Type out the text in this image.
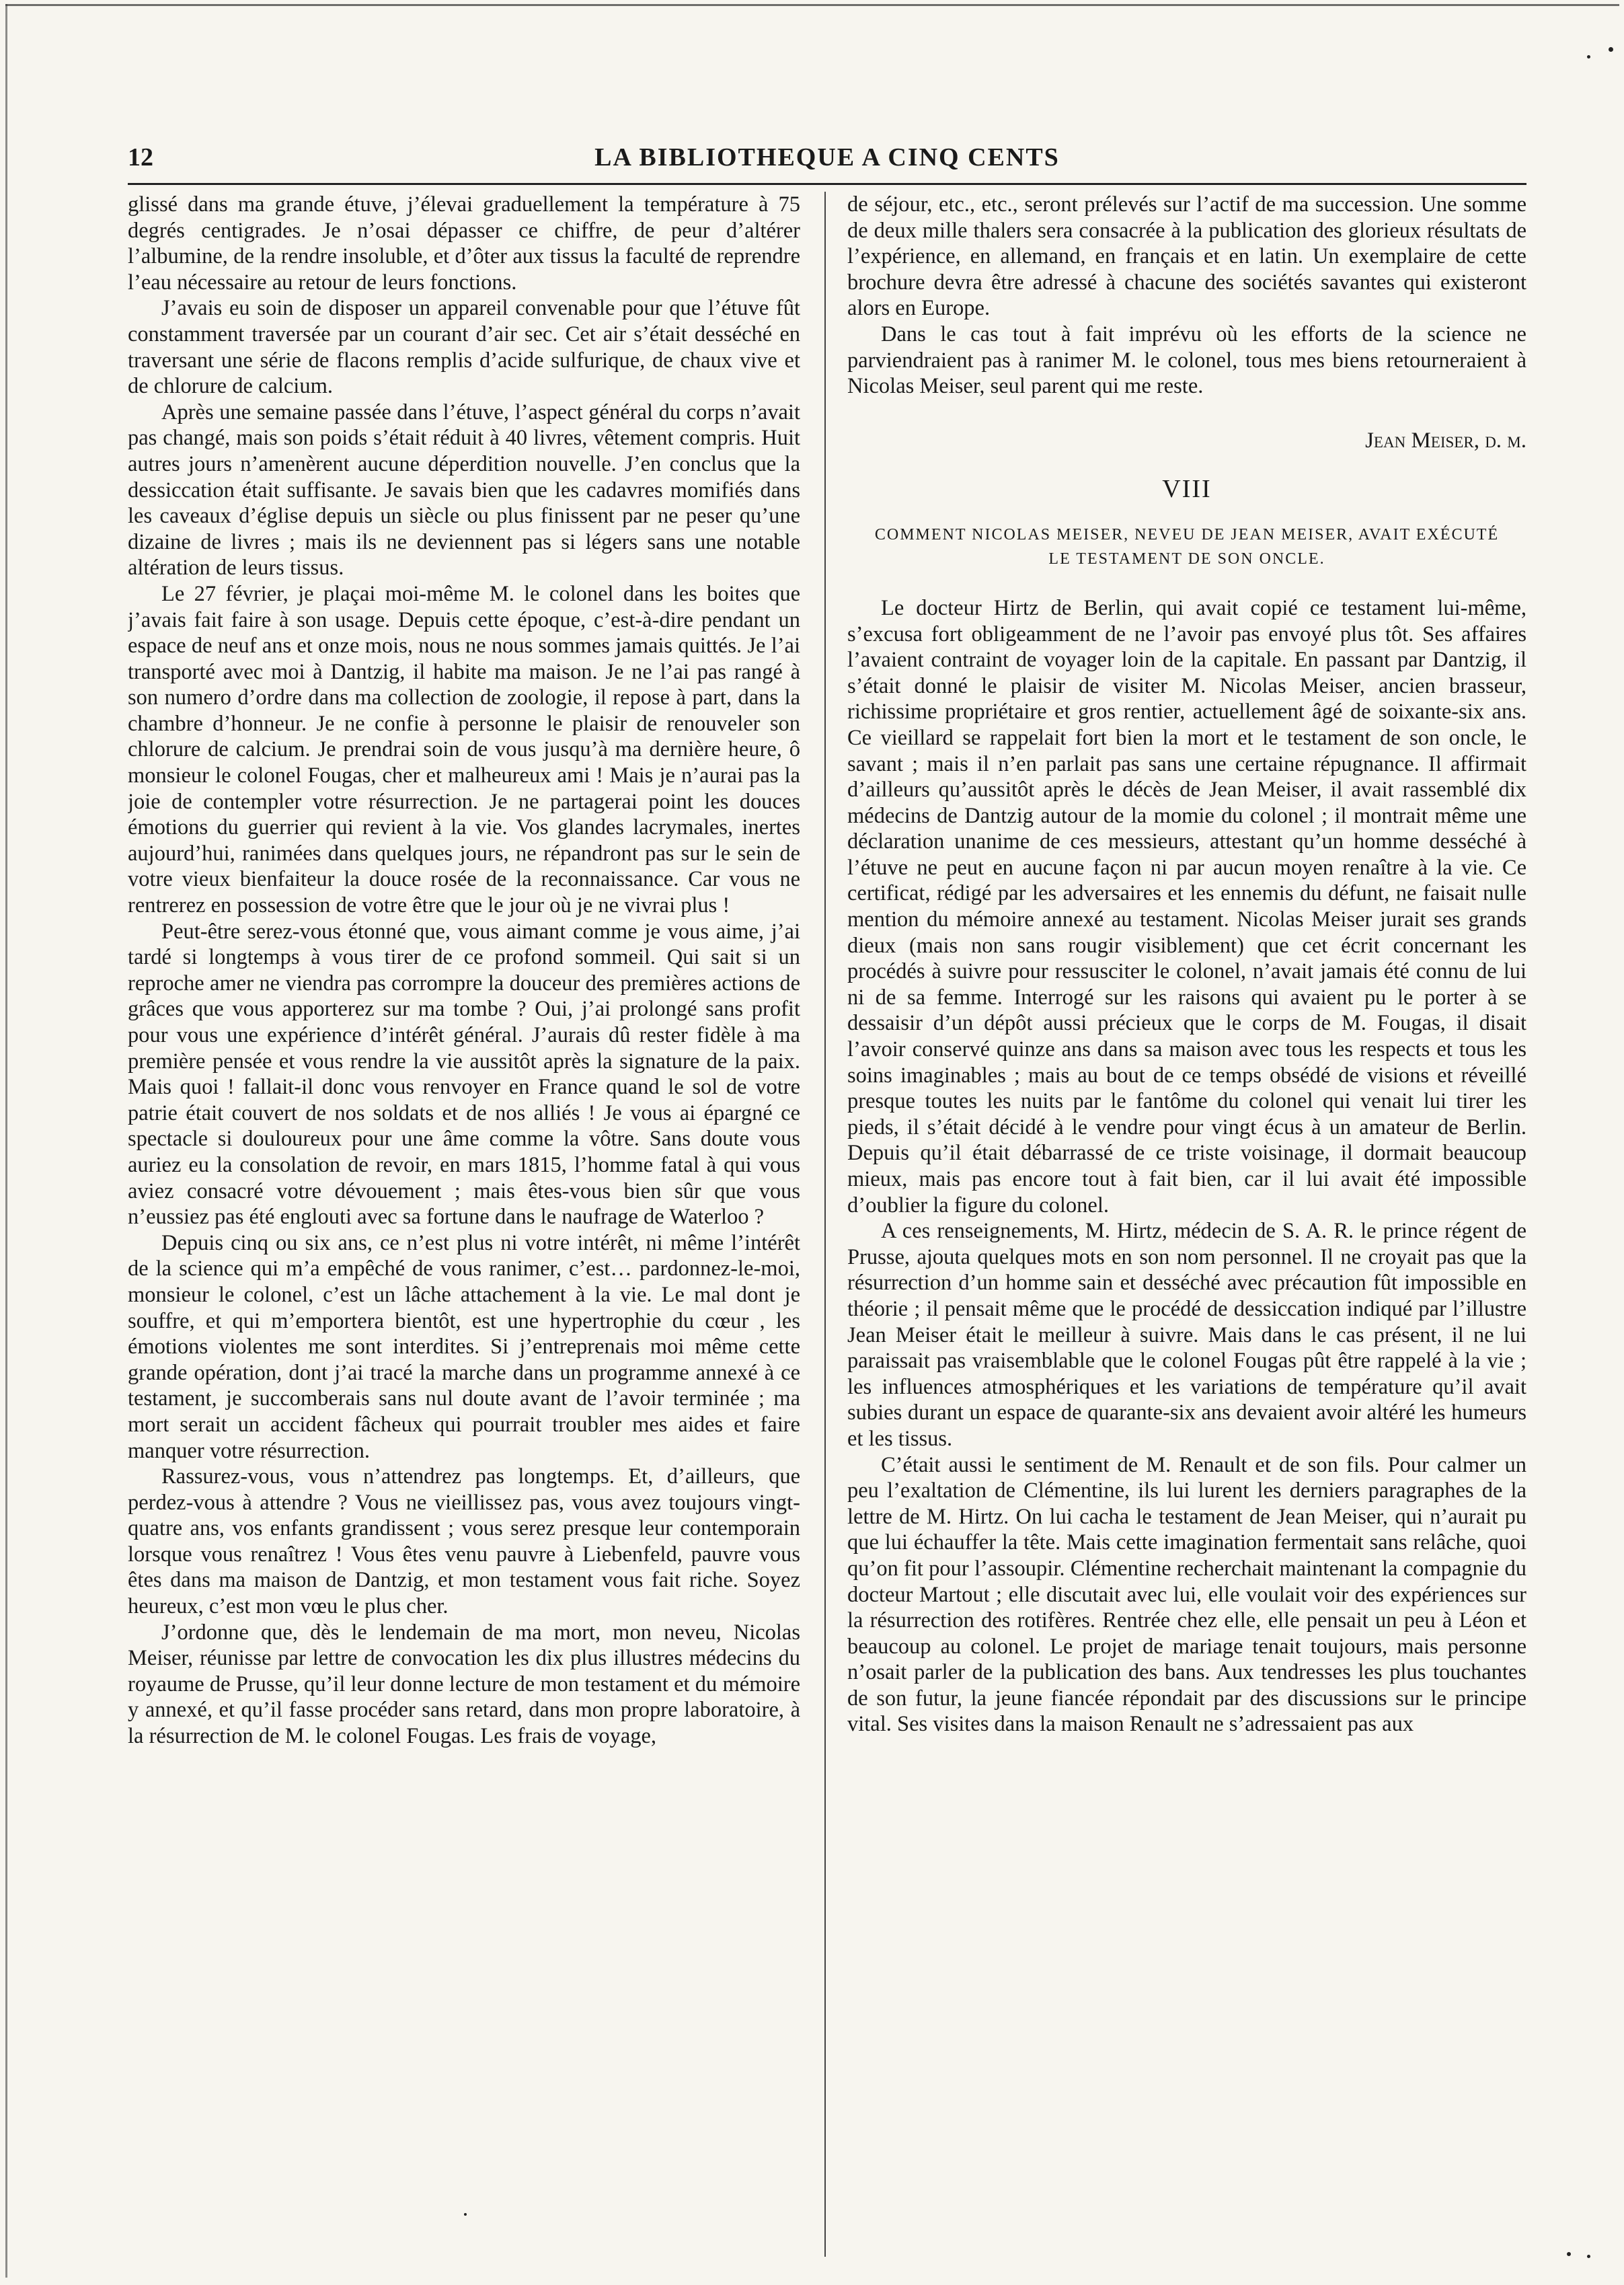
12	LA BIBLIOTHEQUE A CINQ CENTS

glissé dans ma grande étuve, j’élevai graduellement la température à 75 degrés centigrades. Je n’osai dépasser ce chiffre, de peur d’altérer l’albumine, de la rendre insoluble, et d’ôter aux tissus la faculté de reprendre l’eau nécessaire au retour de leurs fonctions.

J’avais eu soin de disposer un appareil convenable pour que l’étuve fût constamment traversée par un courant d’air sec. Cet air s’était desséché en traversant une série de flacons remplis d’acide sulfurique, de chaux vive et de chlorure de calcium.

Après une semaine passée dans l’étuve, l’aspect général du corps n’avait pas changé, mais son poids s’était réduit à 40 livres, vêtement compris. Huit autres jours n’amenèrent aucune déperdition nouvelle. J’en conclus que la dessiccation était suffisante. Je savais bien que les cadavres momifiés dans les caveaux d’église depuis un siècle ou plus finissent par ne peser qu’une dizaine de livres ; mais ils ne deviennent pas si légers sans une notable altération de leurs tissus.

Le 27 février, je plaçai moi-même M. le colonel dans les boites que j’avais fait faire à son usage. Depuis cette époque, c’est-à-dire pendant un espace de neuf ans et onze mois, nous ne nous sommes jamais quittés. Je l’ai transporté avec moi à Dantzig, il habite ma maison. Je ne l’ai pas rangé à son numero d’ordre dans ma collection de zoologie, il repose à part, dans la chambre d’honneur. Je ne confie à personne le plaisir de renouveler son chlorure de calcium. Je prendrai soin de vous jusqu’à ma dernière heure, ô monsieur le colonel Fougas, cher et malheureux ami ! Mais je n’aurai pas la joie de contempler votre résurrection. Je ne partagerai point les douces émotions du guerrier qui revient à la vie. Vos glandes lacrymales, inertes aujourd’hui, ranimées dans quelques jours, ne répandront pas sur le sein de votre vieux bienfaiteur la douce rosée de la reconnaissance. Car vous ne rentrerez en possession de votre être que le jour où je ne vivrai plus !

Peut-être serez-vous étonné que, vous aimant comme je vous aime, j’ai tardé si longtemps à vous tirer de ce profond sommeil. Qui sait si un reproche amer ne viendra pas corrompre la douceur des premières actions de grâces que vous apporterez sur ma tombe ? Oui, j’ai prolongé sans profit pour vous une expérience d’intérêt général. J’aurais dû rester fidèle à ma première pensée et vous rendre la vie aussitôt après la signature de la paix. Mais quoi ! fallait-il donc vous renvoyer en France quand le sol de votre patrie était couvert de nos soldats et de nos alliés ! Je vous ai épargné ce spectacle si douloureux pour une âme comme la vôtre. Sans doute vous auriez eu la consolation de revoir, en mars 1815, l’homme fatal à qui vous aviez consacré votre dévouement ; mais êtes-vous bien sûr que vous n’eussiez pas été englouti avec sa fortune dans le naufrage de Waterloo ?

Depuis cinq ou six ans, ce n’est plus ni votre intérêt, ni même l’intérêt de la science qui m’a empêché de vous ranimer, c’est… pardonnez-le-moi, monsieur le colonel, c’est un lâche attachement à la vie. Le mal dont je souffre, et qui m’emportera bientôt, est une hypertrophie du cœur , les émotions violentes me sont interdites. Si j’entreprenais moi même cette grande opération, dont j’ai tracé la marche dans un programme annexé à ce testament, je succomberais sans nul doute avant de l’avoir terminée ; ma mort serait un accident fâcheux qui pourrait troubler mes aides et faire manquer votre résurrection.

Rassurez-vous, vous n’attendrez pas longtemps. Et, d’ailleurs, que perdez-vous à attendre ? Vous ne vieillissez pas, vous avez toujours vingt-quatre ans, vos enfants grandissent ; vous serez presque leur contemporain lorsque vous renaîtrez ! Vous êtes venu pauvre à Liebenfeld, pauvre vous êtes dans ma maison de Dantzig, et mon testament vous fait riche. Soyez heureux, c’est mon vœu le plus cher.

J’ordonne que, dès le lendemain de ma mort, mon neveu, Nicolas Meiser, réunisse par lettre de convocation les dix plus illustres médecins du royaume de Prusse, qu’il leur donne lecture de mon testament et du mémoire y annexé, et qu’il fasse procéder sans retard, dans mon propre laboratoire, à la résurrection de M. le colonel Fougas. Les frais de voyage,

de séjour, etc., etc., seront prélevés sur l’actif de ma succession. Une somme de deux mille thalers sera consacrée à la publication des glorieux résultats de l’expérience, en allemand, en français et en latin. Un exemplaire de cette brochure devra être adressé à chacune des sociétés savantes qui existeront alors en Europe.

Dans le cas tout à fait imprévu où les efforts de la science ne parviendraient pas à ranimer M. le colonel, tous mes biens retourneraient à Nicolas Meiser, seul parent qui me reste.

Jean Meiser, d. m.

VIII
COMMENT NICOLAS MEISER, NEVEU DE JEAN MEISER, AVAIT EXÉCUTÉ LE TESTAMENT DE SON ONCLE.

Le docteur Hirtz de Berlin, qui avait copié ce testament lui-même, s’excusa fort obligeamment de ne l’avoir pas envoyé plus tôt. Ses affaires l’avaient contraint de voyager loin de la capitale. En passant par Dantzig, il s’était donné le plaisir de visiter M. Nicolas Meiser, ancien brasseur, richissime propriétaire et gros rentier, actuellement âgé de soixante-six ans. Ce vieillard se rappelait fort bien la mort et le testament de son oncle, le savant ; mais il n’en parlait pas sans une certaine répugnance. Il affirmait d’ailleurs qu’aussitôt après le décès de Jean Meiser, il avait rassemblé dix médecins de Dantzig autour de la momie du colonel ; il montrait même une déclaration unanime de ces messieurs, attestant qu’un homme desséché à l’étuve ne peut en aucune façon ni par aucun moyen renaître à la vie. Ce certificat, rédigé par les adversaires et les ennemis du défunt, ne faisait nulle mention du mémoire annexé au testament. Nicolas Meiser jurait ses grands dieux (mais non sans rougir visiblement) que cet écrit concernant les procédés à suivre pour ressusciter le colonel, n’avait jamais été connu de lui ni de sa femme. Interrogé sur les raisons qui avaient pu le porter à se dessaisir d’un dépôt aussi précieux que le corps de M. Fougas, il disait l’avoir conservé quinze ans dans sa maison avec tous les respects et tous les soins imaginables ; mais au bout de ce temps obsédé de visions et réveillé presque toutes les nuits par le fantôme du colonel qui venait lui tirer les pieds, il s’était décidé à le vendre pour vingt écus à un amateur de Berlin. Depuis qu’il était débarrassé de ce triste voisinage, il dormait beaucoup mieux, mais pas encore tout à fait bien, car il lui avait été impossible d’oublier la figure du colonel.

A ces renseignements, M. Hirtz, médecin de S. A. R. le prince régent de Prusse, ajouta quelques mots en son nom personnel. Il ne croyait pas que la résurrection d’un homme sain et desséché avec précaution fût impossible en théorie ; il pensait même que le procédé de dessiccation indiqué par l’illustre Jean Meiser était le meilleur à suivre. Mais dans le cas présent, il ne lui paraissait pas vraisemblable que le colonel Fougas pût être rappelé à la vie ; les influences atmosphériques et les variations de température qu’il avait subies durant un espace de quarante-six ans devaient avoir altéré les humeurs et les tissus.

C’était aussi le sentiment de M. Renault et de son fils. Pour calmer un peu l’exaltation de Clémentine, ils lui lurent les derniers paragraphes de la lettre de M. Hirtz. On lui cacha le testament de Jean Meiser, qui n’aurait pu que lui échauffer la tête. Mais cette imagination fermentait sans relâche, quoi qu’on fit pour l’assoupir. Clémentine recherchait maintenant la compagnie du docteur Martout ; elle discutait avec lui, elle voulait voir des expériences sur la résurrection des rotifères. Rentrée chez elle, elle pensait un peu à Léon et beaucoup au colonel. Le projet de mariage tenait toujours, mais personne n’osait parler de la publication des bans. Aux tendresses les plus touchantes de son futur, la jeune fiancée répondait par des discussions sur le principe vital. Ses visites dans la maison Renault ne s’adressaient pas aux
